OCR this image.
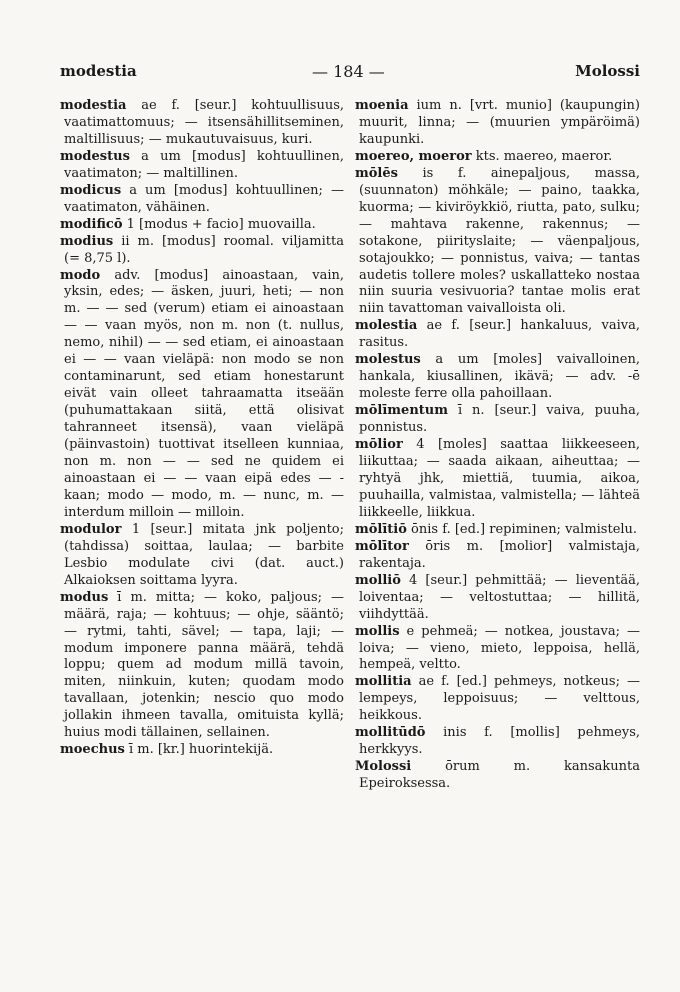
modestia	— 184 —	Molossi
modestia ae f. [seur.] kohtuullisuus, vaatimattomuus; — itsensähillitseminen, maltillisuus; — mukautuvaisuus, kuri.
modestus a um [modus] kohtuullinen, vaatimaton; — maltillinen.
modicus a um [modus] kohtuullinen; — vaatimaton, vähäinen.
modificō 1 [modus + facio] muovailla.
modius ii m. [modus] roomal. viljamitta (= 8,75 l).
modo adv. [modus] ainoastaan, vain, yksin, edes; — äsken, juuri, heti; — non m. — — sed (verum) etiam ei ainoastaan — — vaan myös, non m. non (t. nullus, nemo, nihil) — — sed etiam, ei ainoastaan ei — — vaan vieläpä: non modo se non contaminarunt, sed etiam honestarunt eivät vain olleet tahraamatta itseään (puhumattakaan siitä, että olisivat tahranneet itsensä), vaan vieläpä (päinvastoin) tuottivat itselleen kunniaa, non m. non — — sed ne quidem ei ainoastaan ei — — vaan eipä edes — -kaan; modo — modo, m. — nunc, m. — interdum milloin — milloin.
modulor 1 [seur.] mitata jnk poljento; (tahdissa) soittaa, laulaa; — barbite Lesbio modulate civi (dat. auct.) Alkaioksen soittama lyyra.
modus ī m. mitta; — koko, paljous; — määrä, raja; — kohtuus; — ohje, sääntö; — rytmi, tahti, sävel; — tapa, laji; — modum imponere panna määrä, tehdä loppu; quem ad modum millä tavoin, miten, niinkuin, kuten; quodam modo tavallaan, jotenkin; nescio quo modo jollakin ihmeen tavalla, omituista kyllä; huius modi tällainen, sellainen.
moechus ī m. [kr.] huorintekijä.
moenia ium n. [vrt. munio] (kaupungin) muurit, linna; — (muurien ympäröimä) kaupunki.
moereo, moeror kts. maereo, maeror.
mōlēs is f. ainepaljous, massa, (suunnaton) möhkäle; — paino, taakka, kuorma; — kiviröykkiö, riutta, pato, sulku; — mahtava rakenne, rakennus; — sotakone, piirityslaite; — väenpaljous, sotajoukko; — ponnistus, vaiva; — tantas audetis tollere moles? uskallatteko nostaa niin suuria vesivuoria? tantae molis erat niin tavattoman vaivalloista oli.
molestia ae f. [seur.] hankaluus, vaiva, rasitus.
molestus a um [moles] vaivalloinen, hankala, kiusallinen, ikävä; — adv. -ē moleste ferre olla pahoillaan.
mōlīmentum ī n. [seur.] vaiva, puuha, ponnistus.
mōlior 4 [moles] saattaa liikkeeseen, liikuttaa; — saada aikaan, aiheuttaa; — ryhtyä jhk, miettiä, tuumia, aikoa, puuhailla, valmistaa, valmistella; — lähteä liikkeelle, liikkua.
mōlītiō ōnis f. [ed.] repiminen; valmistelu.
mōlītor ōris m. [molior] valmistaja, rakentaja.
molliō 4 [seur.] pehmittää; — lieventää, loiventaa; — veltostuttaa; — hillitä, viihdyttää.
mollis e pehmeä; — notkea, joustava; — loiva; — vieno, mieto, leppoisa, hellä, hempeä, veltto.
mollitia ae f. [ed.] pehmeys, notkeus; — lempeys, leppoisuus; — velttous, heikkous.
mollitūdō inis f. [mollis] pehmeys, herkkyys.
Molossi ōrum m. kansakunta Epeiroksessa.
